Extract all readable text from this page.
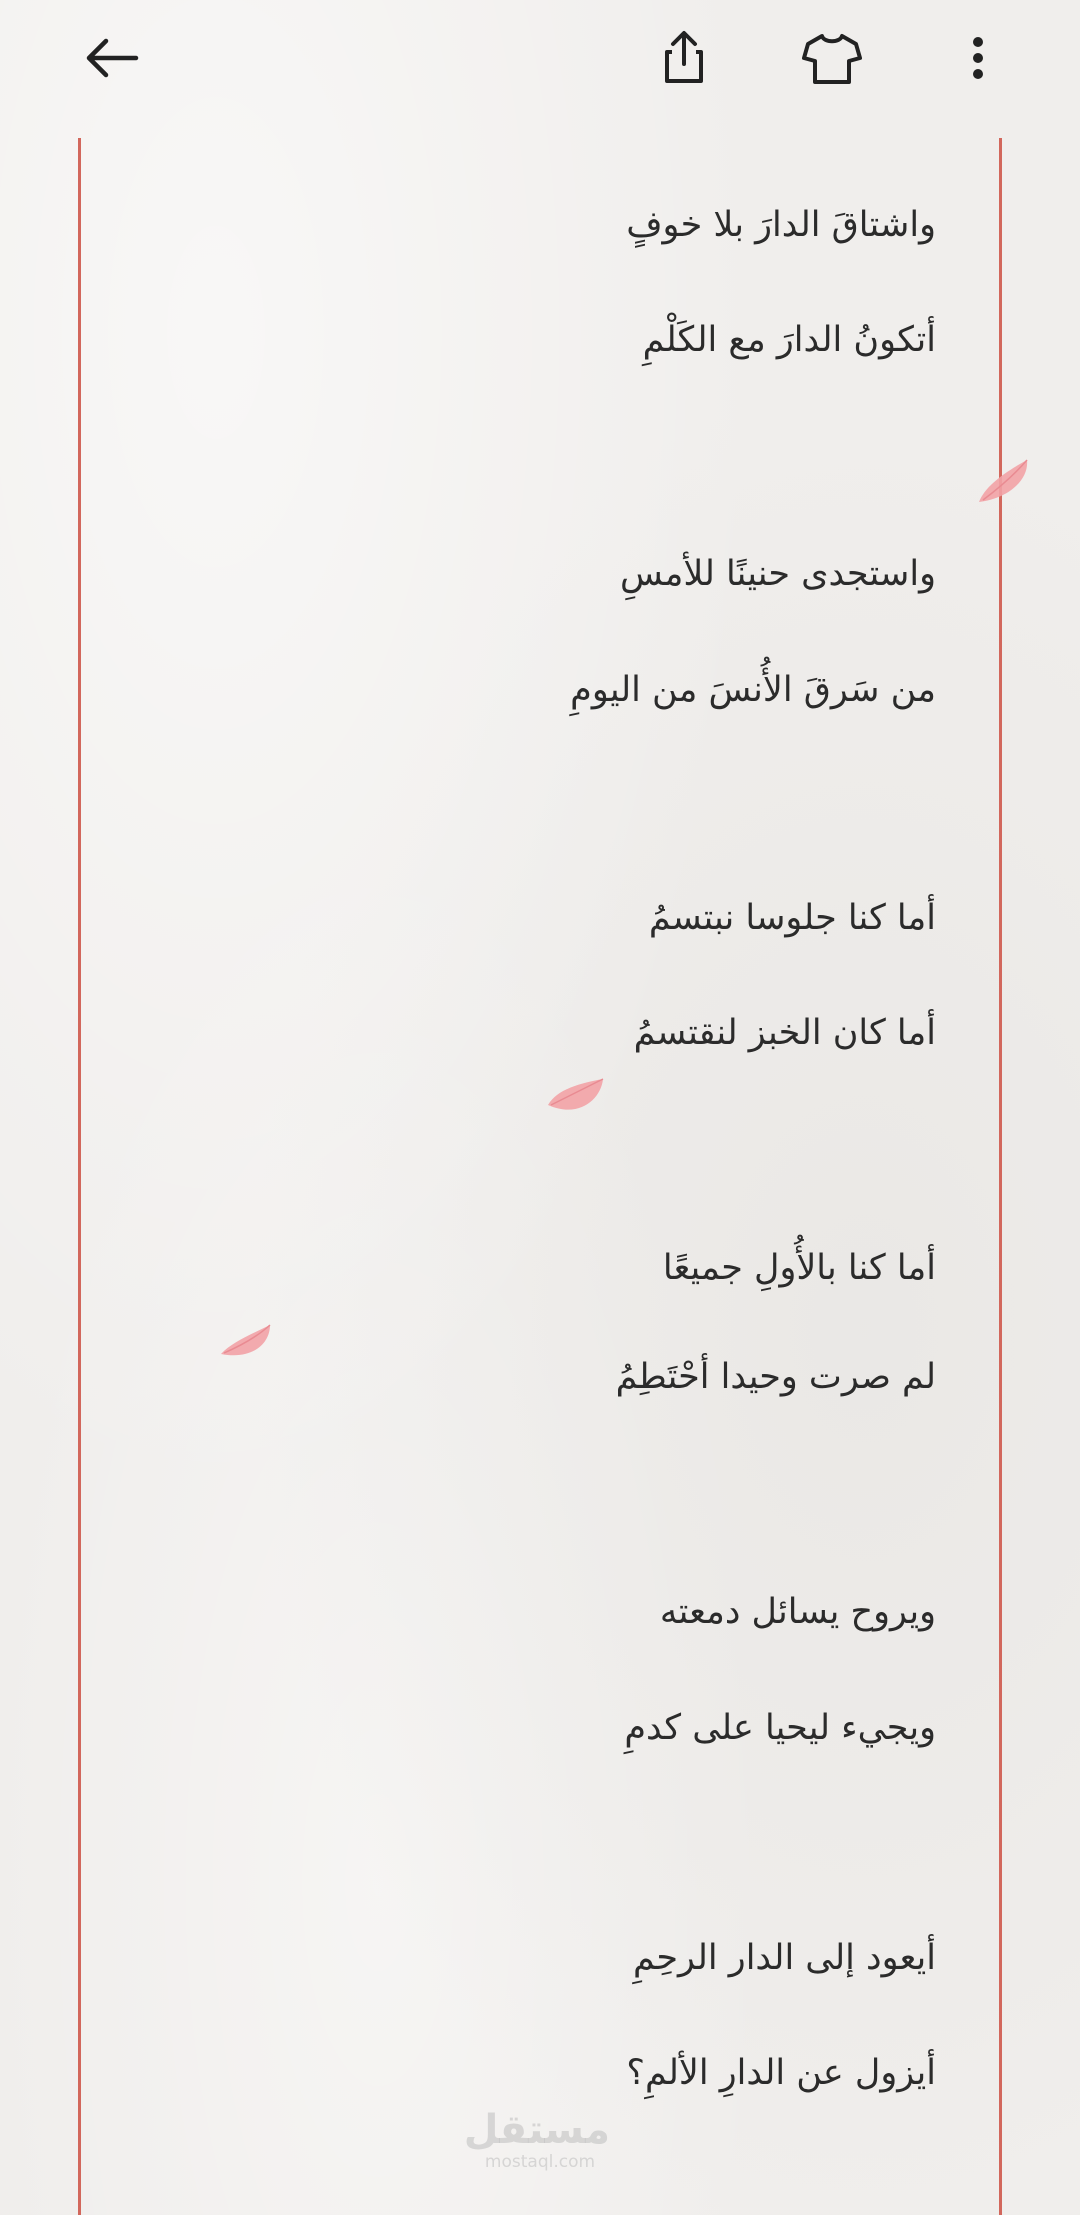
واشتاقَ الدارَ بلا خوفٍ
أتكونُ الدارَ مع الكَلْمِ
واستجدى حنينًا للأمسِ
من سَرقَ الأُنسَ من اليومِ
أما كنا جلوسا نبتسمُ
أما كان الخبز لنقتسمُ
أما كنا بالأُولِ جميعًا
لم صرت وحيدا أحْتَطِمُ
ويروح يسائل دمعته
ويجيء ليحيا على كدمِ
أيعود إلى الدار الرحِمِ
أيزول عن الدارِ الألمِ؟
مستقل
mostaql.com
